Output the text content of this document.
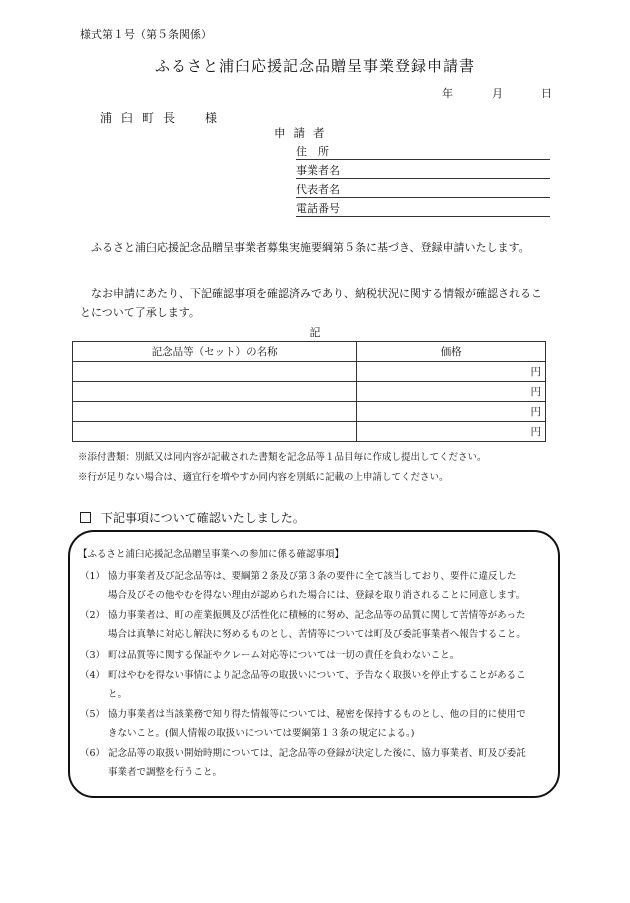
様式第１号（第５条関係）
ふるさと浦臼応援記念品贈呈事業登録申請書
年	月	日
浦臼町長　様
申請者
住　所
事業者名
代表者名
電話番号
ふるさと浦臼応援記念品贈呈事業者募集実施要綱第５条に基づき、登録申請いたします。
なお申請にあたり、下記確認事項を確認済みであり、納税状況に関する情報が確認されることについて了承します。
記
記念品等（セット）の名称	価格
	円
	円
	円
	円
※添付書類：別紙又は同内容が記載された書類を記念品等１品目毎に作成し提出してください。
※行が足りない場合は、適宜行を増やすか同内容を別紙に記載の上申請してください。
下記事項について確認いたしました。
【ふるさと浦臼応援記念品贈呈事業への参加に係る確認事項】
（1） 協力事業者及び記念品等は、要綱第２条及び第３条の要件に全て該当しており、要件に違反した
場合及びその他やむを得ない理由が認められた場合には、登録を取り消されることに同意します。
（2） 協力事業者は、町の産業振興及び活性化に積極的に努め、記念品等の品質に関して苦情等があった
場合は真摯に対応し解決に努めるものとし、苦情等については町及び委託事業者へ報告すること。
（3） 町は品質等に関する保証やクレーム対応等については一切の責任を負わないこと。
（4） 町はやむを得ない事情により記念品等の取扱いについて、予告なく取扱いを停止することがあるこ
と。
（5） 協力事業者は当該業務で知り得た情報等については、秘密を保持するものとし、他の目的に使用で
きないこと。(個人情報の取扱いについては要綱第１３条の規定による。)
（6） 記念品等の取扱い開始時期については、記念品等の登録が決定した後に、協力事業者、町及び委託
事業者で調整を行うこと。
